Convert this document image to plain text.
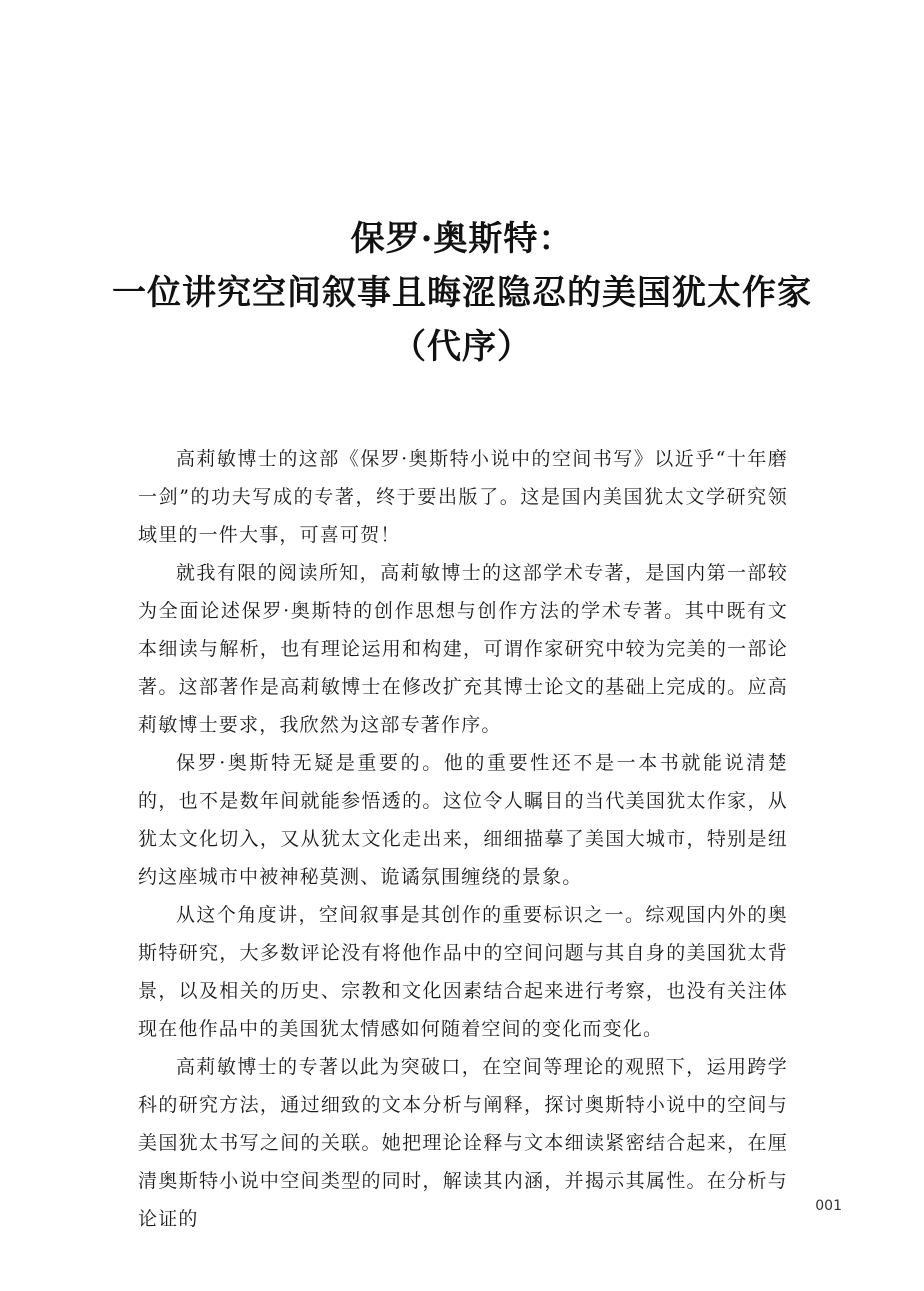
保罗·奥斯特：
一位讲究空间叙事且晦涩隐忍的美国犹太作家
（代序）

高莉敏博士的这部《保罗·奥斯特小说中的空间书写》以近乎“十年磨一剑”的功夫写成的专著，终于要出版了。这是国内美国犹太文学研究领域里的一件大事，可喜可贺！

就我有限的阅读所知，高莉敏博士的这部学术专著，是国内第一部较为全面论述保罗·奥斯特的创作思想与创作方法的学术专著。其中既有文本细读与解析，也有理论运用和构建，可谓作家研究中较为完美的一部论著。这部著作是高莉敏博士在修改扩充其博士论文的基础上完成的。应高莉敏博士要求，我欣然为这部专著作序。

保罗·奥斯特无疑是重要的。他的重要性还不是一本书就能说清楚的，也不是数年间就能参悟透的。这位令人瞩目的当代美国犹太作家，从犹太文化切入，又从犹太文化走出来，细细描摹了美国大城市，特别是纽约这座城市中被神秘莫测、诡谲氛围缠绕的景象。

从这个角度讲，空间叙事是其创作的重要标识之一。综观国内外的奥斯特研究，大多数评论没有将他作品中的空间问题与其自身的美国犹太背景，以及相关的历史、宗教和文化因素结合起来进行考察，也没有关注体现在他作品中的美国犹太情感如何随着空间的变化而变化。

高莉敏博士的专著以此为突破口，在空间等理论的观照下，运用跨学科的研究方法，通过细致的文本分析与阐释，探讨奥斯特小说中的空间与美国犹太书写之间的关联。她把理论诠释与文本细读紧密结合起来，在厘清奥斯特小说中空间类型的同时，解读其内涵，并揭示其属性。在分析与论证的

001
